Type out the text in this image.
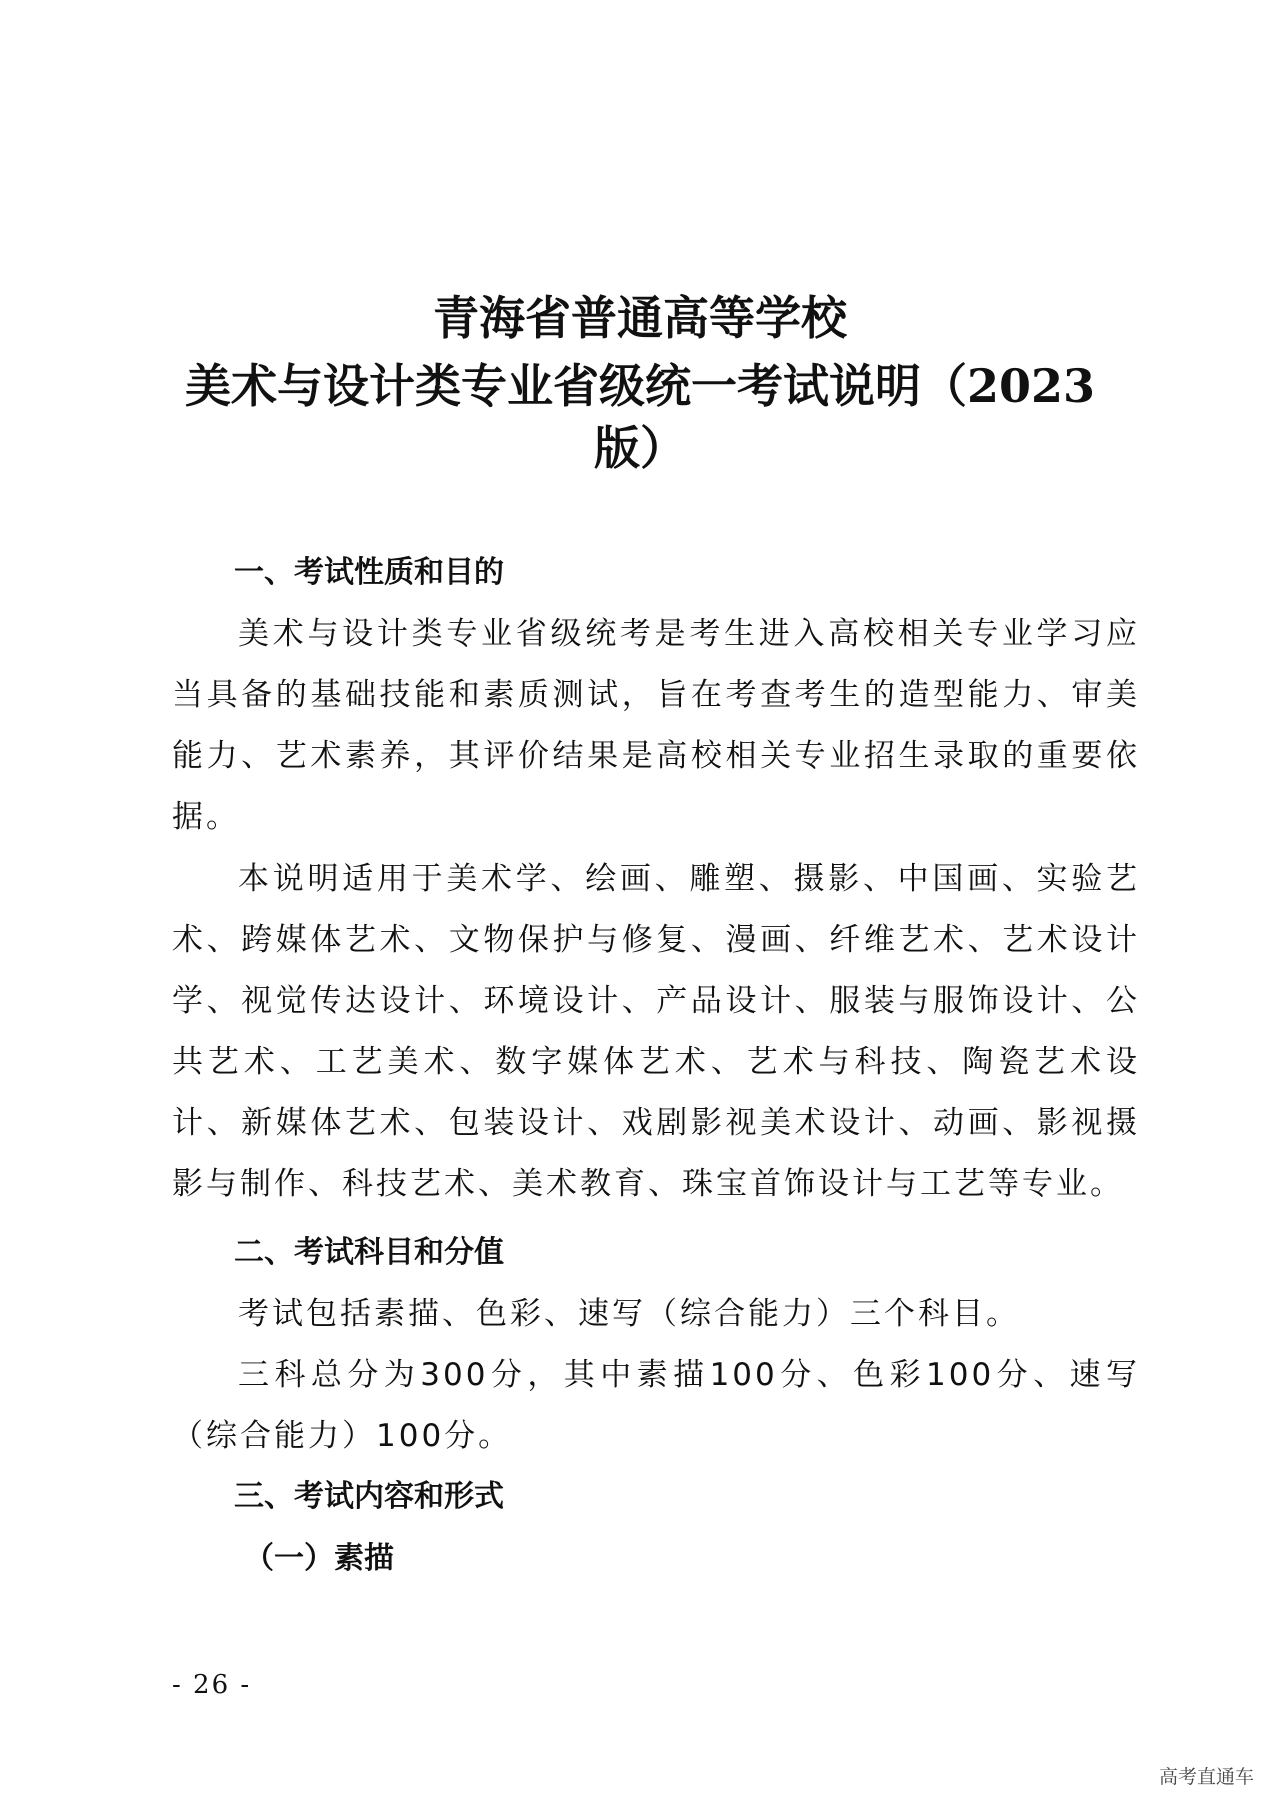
青海省普通高等学校
美术与设计类专业省级统一考试说明（2023
版）
一、考试性质和目的

美术与设计类专业省级统考是考生进入高校相关专业学习应当具备的基础技能和素质测试，旨在考查考生的造型能力、审美能力、艺术素养，其评价结果是高校相关专业招生录取的重要依据。

本说明适用于美术学、绘画、雕塑、摄影、中国画、实验艺术、跨媒体艺术、文物保护与修复、漫画、纤维艺术、艺术设计学、视觉传达设计、环境设计、产品设计、服装与服饰设计、公共艺术、工艺美术、数字媒体艺术、艺术与科技、陶瓷艺术设计、新媒体艺术、包装设计、戏剧影视美术设计、动画、影视摄影与制作、科技艺术、美术教育、珠宝首饰设计与工艺等专业。

二、考试科目和分值

考试包括素描、色彩、速写（综合能力）三个科目。

三科总分为300分，其中素描100分、色彩100分、速写（综合能力）100分。

三、考试内容和形式
（一）素描

- 26 -

高考直通车
